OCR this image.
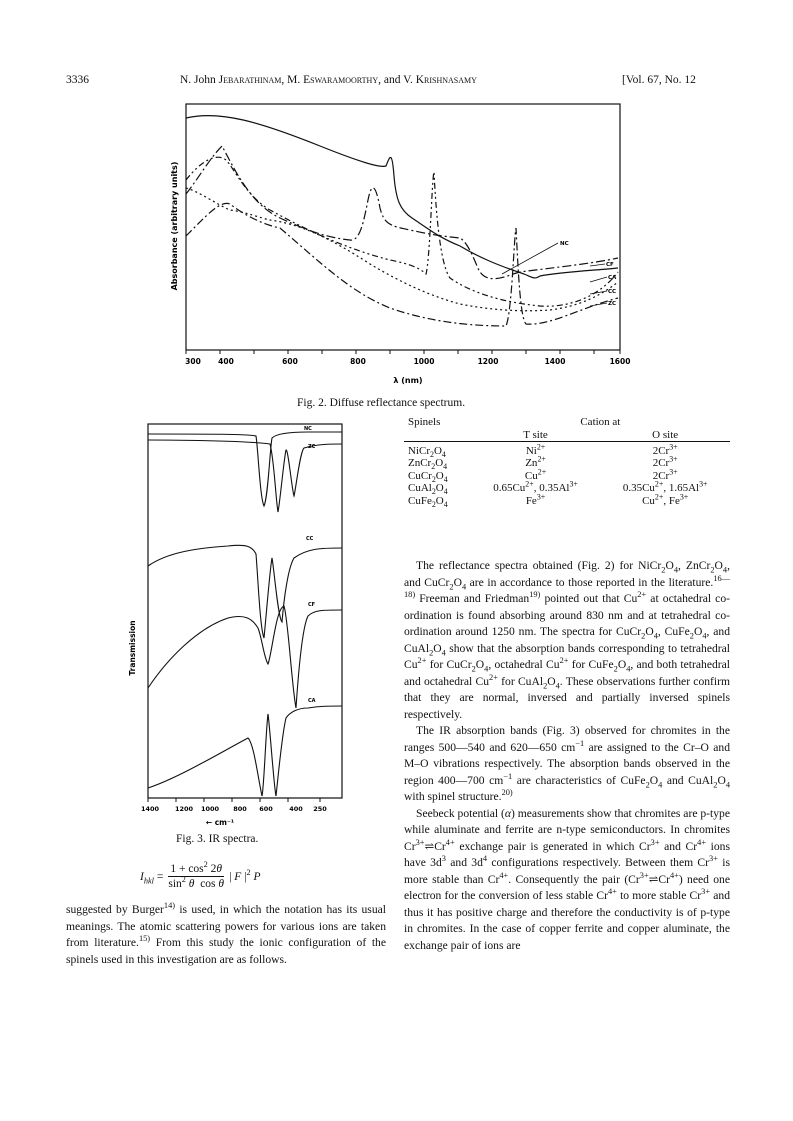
3336	N. John Jebarathinam, M. Eswaramoorthy, and V. Krishnasamy	[Vol. 67, No. 12
300 400	600	800	1000	1200	1400	1600
λ (nm)
Absorbance (arbitrary units)	NC
CF
CA
CC
ZC
Fig. 2. Diffuse reflectance spectrum.
1400 1200 1000 800 600	400 250
← cm⁻¹
Transmission
NC
ZC
CC
CF
CA
Fig. 3. IR spectra.
$I_{hkl} = \frac{1 + \cos^2 2\theta}{\sin^2 \theta \cos \theta}$ | F $|^2$ P

suggested by Burger$^{14)}$ is used, in which the notation has its usual meanings. The atomic scattering powers for various ions are taken from literature.$^{15)}$ From this study the ionic configuration of the spinels used in this investigation are as follows.

Spinels	Cation at	
	T site	O site

$NiCr_2O_4$	$Ni^{2+}$	$2Cr^{3+}$
$ZnCr_2O_4$	$Zn^{2+}$	$2Cr^{3+}$
$CuCr_2O_4$	$Cu^{2+}$	$2Cr^{3+}$
$CuAl_2O_4$	$0.65Cu^{2+}$, $0.35Al^{3+}$	$0.35Cu^{2+}$, $1.65Al^{3+}$
$CuFe_2O_4$	$Fe^{3+}$	$Cu^{2+}$, $Fe^{3+}$

The reflectance spectra obtained (Fig. 2) for $NiCr_2O_4$, $ZnCr_2O_4$, and $CuCr_2O_4$ are in accordance to those reported in the literature.$^{16—18)}$ Freeman and Friedman$^{19)}$ pointed out that $Cu^{2+}$ at octahedral co-ordination is found absorbing around 830 nm and at tetrahedral co-ordination around 1250 nm. The spectra for $CuCr_2O_4$, $CuFe_2O_4$, and $CuAl_2O_4$ show that the absorption bands corresponding to tetrahedral $Cu^{2+}$ for $CuCr_2O_4$, octahedral $Cu^{2+}$ for $CuFe_2O_4$, and both tetrahedral and octahedral $Cu^{2+}$ for $CuAl_2O_4$. These observations further confirm that they are normal, inversed and partially inversed spinels respectively.

The IR absorption bands (Fig. 3) observed for chromites in the ranges 500—540 and 620—650 $cm^{-1}$ are assigned to the Cr–O and M–O vibrations respectively. The absorption bands observed in the region 400—700 $cm^{-1}$ are characteristics of $CuFe_2O_4$ and $CuAl_2O_4$ with spinel structure.$^{20)}$

Seebeck potential (α) measurements show that chromites are p-type while aluminate and ferrite are n-type semiconductors. In chromites $Cr^{3+}\rightleftharpoons Cr^{4+}$ exchange pair is generated in which $Cr^{3+}$ and $Cr^{4+}$ ions have $3d^3$ and $3d^4$ configurations respectively. Between them $Cr^{3+}$ is more stable than $Cr^{4+}$. Consequently the pair $(Cr^{3+}\rightleftharpoons Cr^{4+})$ need one electron for the conversion of less stable $Cr^{4+}$ to more stable $Cr^{3+}$ and thus it has positive charge and therefore the conductivity is of p-type in chromites. In the case of copper ferrite and copper aluminate, the exchange pair of ions are
